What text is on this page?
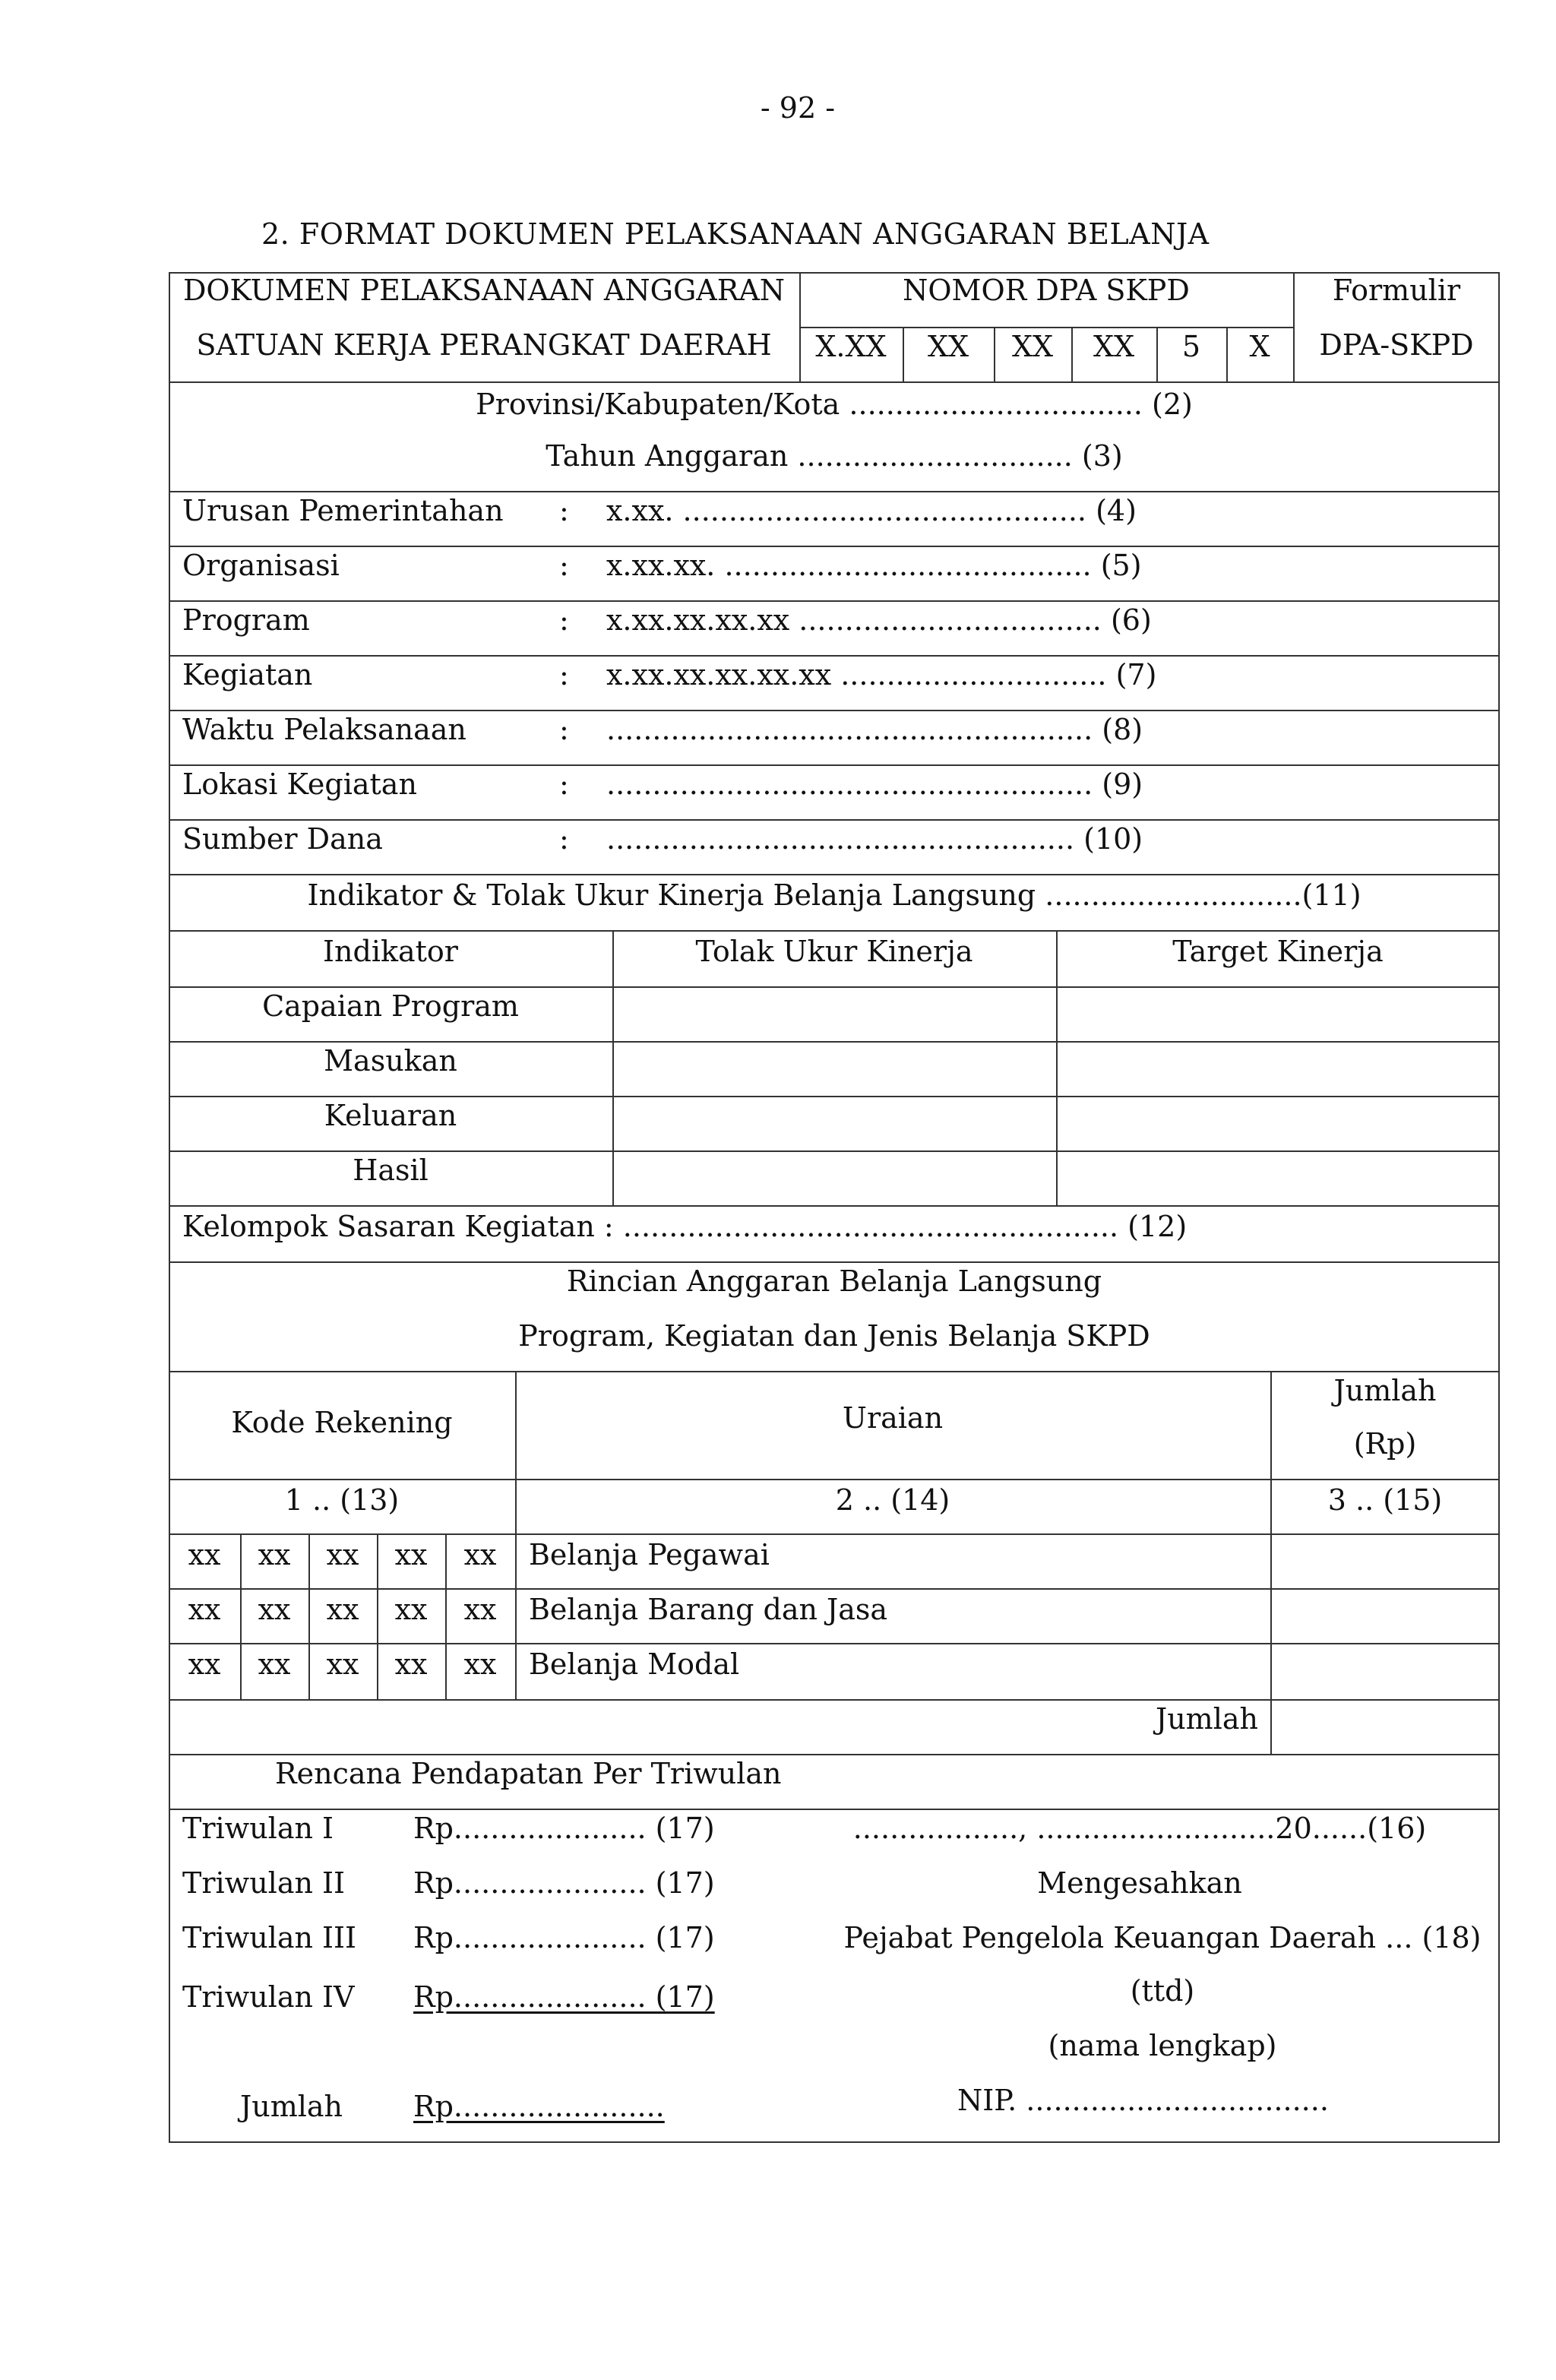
- 92 -
2. FORMAT DOKUMEN PELAKSANAAN ANGGARAN BELANJA
DOKUMEN PELAKSANAAN ANGGARAN
SATUAN KERJA PERANGKAT DAERAH
NOMOR DPA SKPD
X.XX	XX	XX	XX	5	X
Formulir
DPA-SKPD
Provinsi/Kabupaten/Kota ................................ (2)
Tahun Anggaran .............................. (3)
Urusan Pemerintahan : x.xx. ............................................ (4)
Organisasi	: x.xx.xx. ........................................ (5)
Program	: x.xx.xx.xx.xx ................................. (6)
Kegiatan	: x.xx.xx.xx.xx.xx ............................. (7)
Waktu Pelaksanaan	: ..................................................... (8)
Lokasi Kegiatan	: ..................................................... (9)
Sumber Dana	: ................................................... (10)
Indikator & Tolak Ukur Kinerja Belanja Langsung ............................(11)
Indikator	Tolak Ukur Kinerja	Target Kinerja
Capaian Program
Masukan
Keluaran
Hasil
Kelompok Sasaran Kegiatan : ...................................................... (12)
Rincian Anggaran Belanja Langsung
Program, Kegiatan dan Jenis Belanja SKPD
Kode Rekening	Uraian
Jumlah
(Rp)
1 .. (13)	2 .. (14)	3 .. (15)
xx	xx	xx	xx	xx	Belanja Pegawai
xx	xx	xx	xx	xx	Belanja Barang dan Jasa
xx	xx	xx	xx	xx	Belanja Modal
Jumlah
Rencana Pendapatan Per Triwulan
Triwulan I	Rp..................... (17)
Triwulan II Rp..................... (17)
Triwulan III Rp..................... (17)
Triwulan IV Rp..................... (17)
Jumlah Rp.......................
.................., ..........................20......(16)
Mengesahkan
Pejabat Pengelola Keuangan Daerah ... (18)
(ttd)
(nama lengkap)
NIP. .................................
